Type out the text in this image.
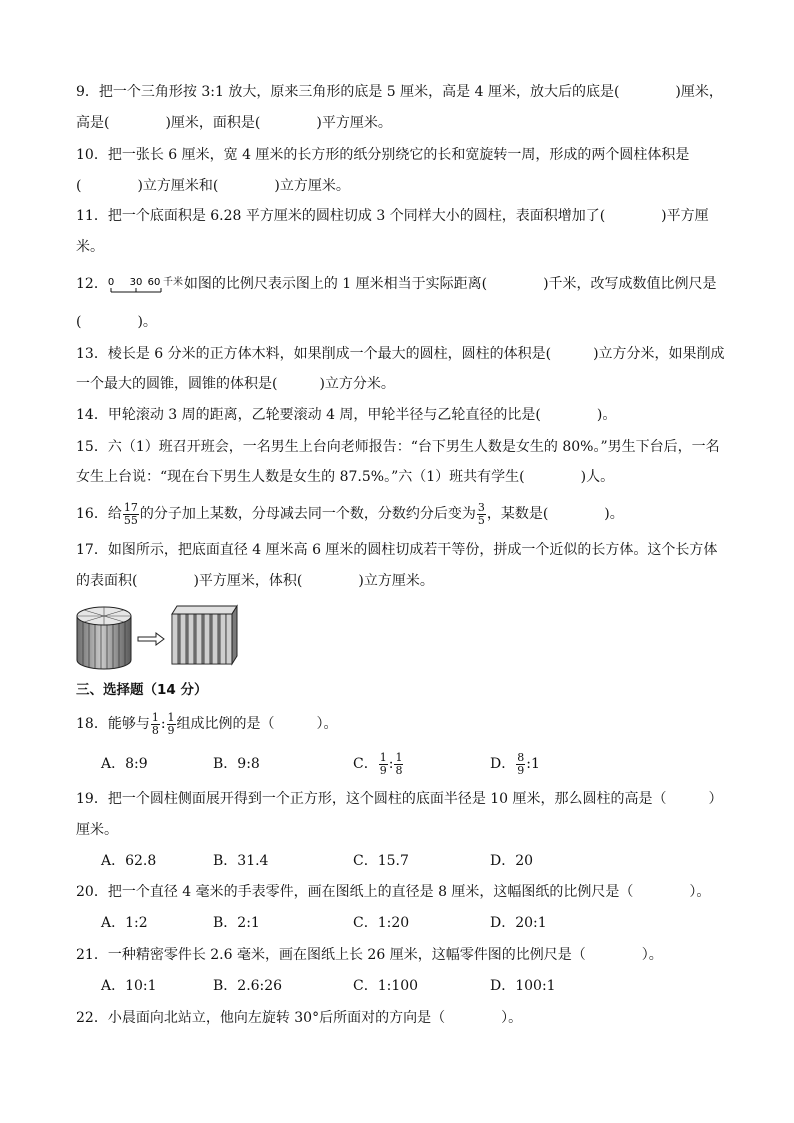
9．把一个三角形按 3:1 放大，原来三角形的底是 5 厘米，高是 4 厘米，放大后的底是(　　　　)厘米，
高是(　　　　)厘米，面积是(　　　　)平方厘米。
10．把一张长 6 厘米，宽 4 厘米的长方形的纸分别绕它的长和宽旋转一周，形成的两个圆柱体积是
(　　　　)立方厘米和(　　　　)立方厘米。
11．把一个底面积是 6.28 平方厘米的圆柱切成 3 个同样大小的圆柱，表面积增加了(　　　　)平方厘
米。
12． 0 30 60 千米 如图的比例尺表示图上的 1 厘米相当于实际距离(　　　　)千米，改写成数值比例尺是
(　　　　)。
13．棱长是 6 分米的正方体木料，如果削成一个最大的圆柱，圆柱的体积是(　　　)立方分米，如果削成
一个最大的圆锥，圆锥的体积是(　　　)立方分米。
14．甲轮滚动 3 周的距离，乙轮要滚动 4 周，甲轮半径与乙轮直径的比是(　　　　)。
15．六（1）班召开班会，一名男生上台向老师报告：“台下男生人数是女生的 80%。”男生下台后，一名
女生上台说：“现在台下男生人数是女生的 87.5%。”六（1）班共有学生(　　　　)人。
16．给 $\frac{17}{55}$ 的分子加上某数，分母减去同一个数，分数约分后变为 $\frac{3}{5}$ ，某数是(　　　　)。
17．如图所示，把底面直径 4 厘米高 6 厘米的圆柱切成若干等份，拼成一个近似的长方体。这个长方体
的表面积(　　　　)平方厘米，体积(　　　　)立方厘米。
三、选择题（14 分）
18．能够与 $\frac{1}{8}$ : $\frac{1}{9}$ 组成比例的是（　　　）。
A．8:9	B．9:8	C． $\frac{1}{9}$ : $\frac{1}{8}$	D． $\frac{8}{9}$ :1
19．把一个圆柱侧面展开得到一个正方形，这个圆柱的底面半径是 10 厘米，那么圆柱的高是（　　　）
厘米。
A．62.8	B．31.4	C．15.7	D．20
20．把一个直径 4 毫米的手表零件，画在图纸上的直径是 8 厘米，这幅图纸的比例尺是（　　　　）。
A．1:2	B．2:1	C．1:20	D．20:1
21．一种精密零件长 2.6 毫米，画在图纸上长 26 厘米，这幅零件图的比例尺是（　　　　）。
A．10:1	B．2.6:26	C．1:100	D．100:1
22．小晨面向北站立，他向左旋转 30°后所面对的方向是（　　　　）。
